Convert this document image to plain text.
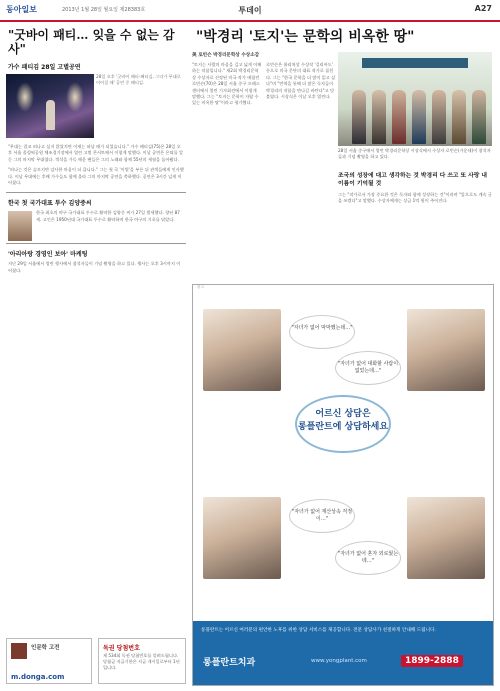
동아일보	2013년 1월 28일 월요일 제28383호	투데이	A27
"굿바이 패티… 잊을 수 없는 감사"
가수 패티김 28일 고별공연
28일 오후 '굿바이 패티-패티김, 그녀가 무대로 이어질 때' 공연 중 패티김.
"무대는 결코 떠나고 싶지 않았지만 이제는 떠날 때가 되었습니다." 가수 패티김(75)은 28일 오후 서울 올림픽공원 체조경기장에서 열린 고별 콘서트에서 이렇게 말했다. 이날 공연은 은퇴를 앞둔 그의 마지막 무대였다. 객석을 가득 메운 팬들은 그의 노래와 함께 55년의 세월을 돌아봤다.
"떠나는 것은 슬프지만 감사한 마음이 더 큽니다." 그는 첫 곡 '이별'을 부른 뒤 관객들에게 인사했다. 이날 무대에는 후배 가수들도 함께 올라 그의 마지막 공연을 축하했다. 공연은 3시간 넘게 이어졌다.
한국 첫 국가대표 투수 김양중씨
한국 최초의 야구 국가대표 투수로 활약한 김양중 씨가 27일 별세했다. 향년 87세. 고인은 1950년대 국가대표 투수로 활약하며 한국 야구의 기초를 닦았다.
'아리아랑 경영인 보아' 마케팅
지난 29일 서울에서 열린 행사에서 참석자들이 기념 촬영을 하고 있다. 행사는 오후 3시까지 이어졌다.
인문학 고전
m.donga.com
독권 당첨번호
제 534회 독권 당첨번호를 알려드립니다. 당첨금 지급기한은 지급 개시일로부터 1년입니다.
"박경리 '토지'는 문학의 비옥한 땅"
美 로빈슨 박경리문학상 수상소감
"토지는 사람의 마음을 깊고 넓게 이해하는 작품입니다." 제2회 박경리문학상 수상자로 선정된 미국 작가 메릴린 로빈슨(70)은 28일 서울 중구 프레스센터에서 열린 기자회견에서 이렇게 말했다. 그는 "토지는 문학이 자랄 수 있는 비옥한 땅"이라고 평가했다.
로빈슨은 퓰리처상 수상작 '길리아드' 등으로 미국 문단의 대표 작가로 꼽힌다. 그는 "한국 문학을 더 많이 읽고 싶다"며 "번역을 통해 더 많은 독자들이 박경리의 작품을 만나길 바란다"고 덧붙였다. 시상식은 이날 오후 열린다.
28일 서울 중구에서 열린 박경리문학상 시상식에서 수상자 로빈슨(가운데)이 참석자들과 기념 촬영을 하고 있다.
조국의 성장에 대고 생각하는 것 박경리 다 쓰고 또 사랑 내 이름이 기억될 것
그는 "작가로서 가장 중요한 것은 독자와 함께 성장하는 것"이라며 "앞으로도 계속 글을 쓰겠다"고 말했다. 수상자에게는 상금 1억 원이 주어진다.
광고
"자녀가 없어 막막했는데…"
"자녀가 없어 대화할 사람이 없었는데…"
어르신 상담은
롱플란트에 상담하세요
"자녀가 없어 재산상속 걱정이…"
"자녀가 없어 혼자 외로웠는데…"
롱플란트는 어르신 여러분의 편안한 노후를 위한 상담 서비스를 제공합니다. 전문 상담사가 친절하게 안내해 드립니다.
롱플란트치과	www.yongplant.com	1899-2888
